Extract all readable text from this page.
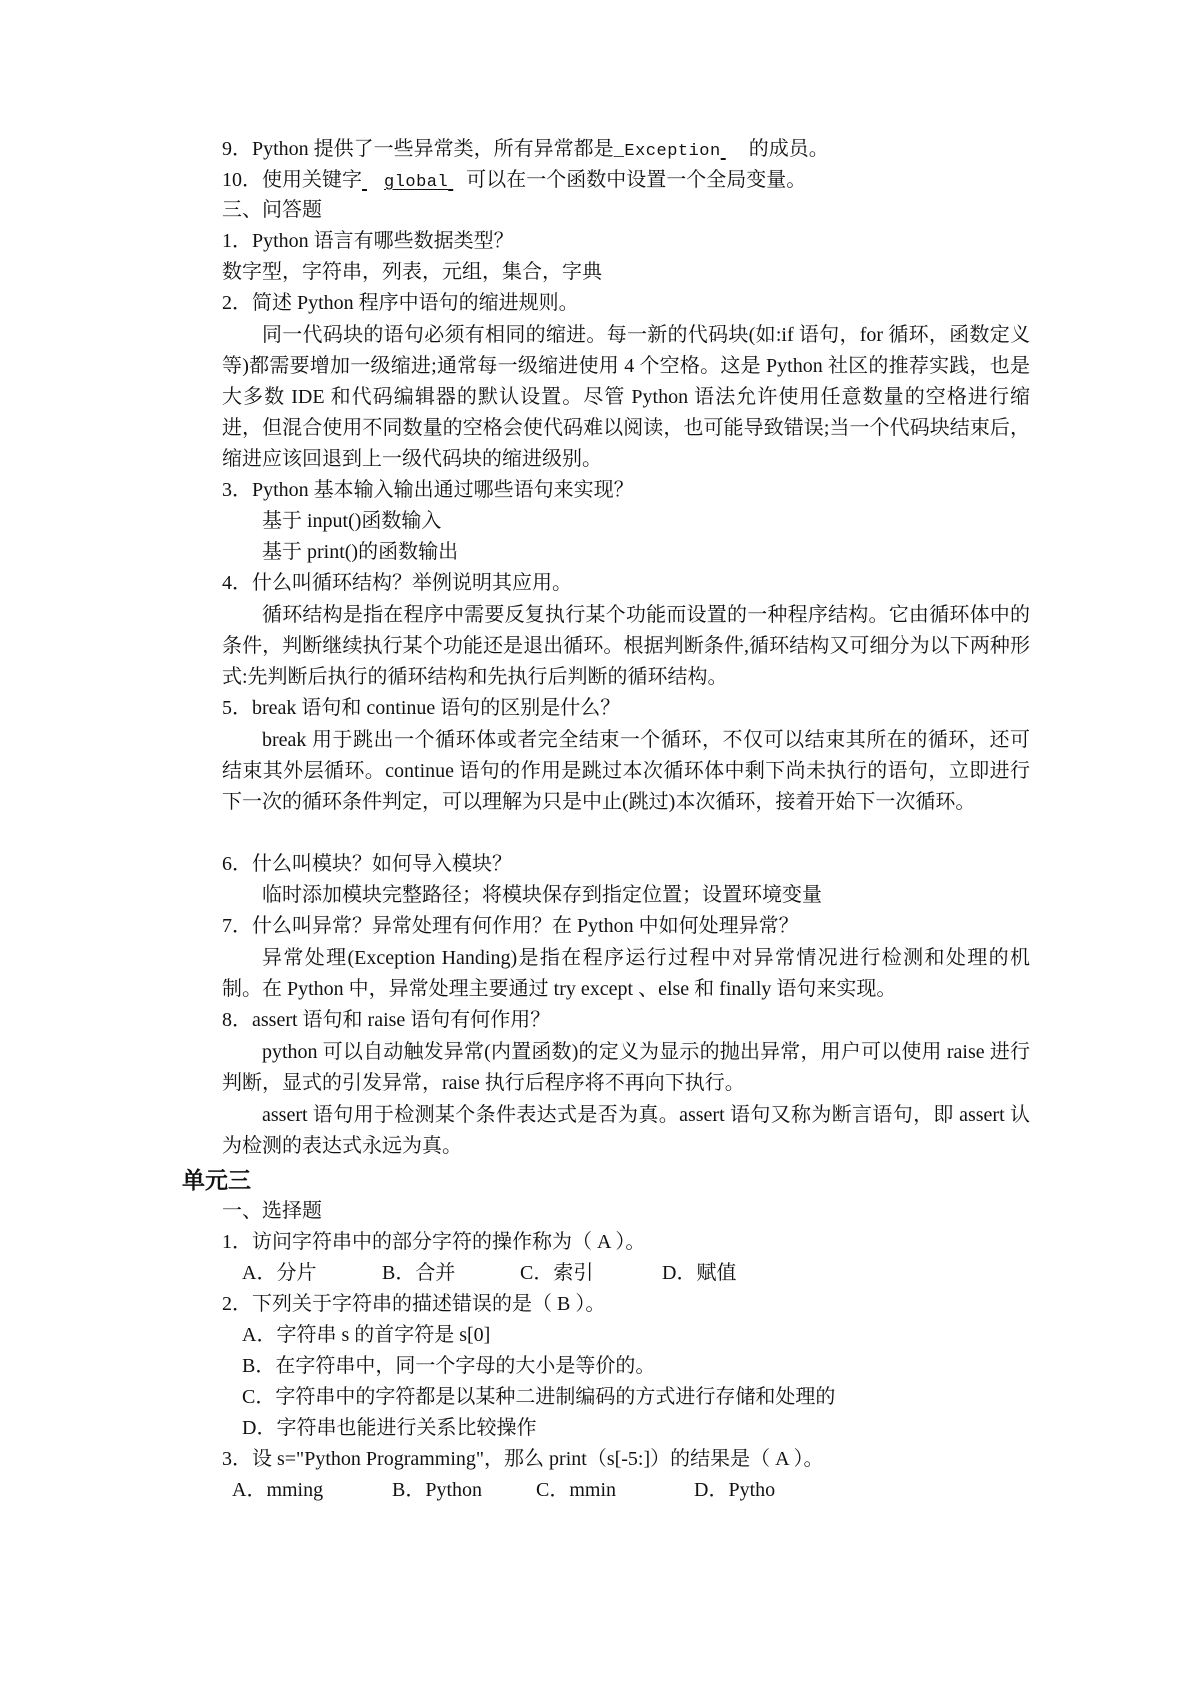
9．Python 提供了一些异常类，所有异常都是_Exception 的成员。
10．使用关键字 global 可以在一个函数中设置一个全局变量。
三、问答题
1．Python 语言有哪些数据类型？
数字型，字符串，列表，元组，集合，字典
2．简述 Python 程序中语句的缩进规则。
同一代码块的语句必须有相同的缩进。每一新的代码块(如:if 语句，for 循环，函数定义等)都需要增加一级缩进;通常每一级缩进使用 4 个空格。这是 Python 社区的推荐实践，也是大多数 IDE 和代码编辑器的默认设置。尽管 Python 语法允许使用任意数量的空格进行缩进，但混合使用不同数量的空格会使代码难以阅读，也可能导致错误;当一个代码块结束后，缩进应该回退到上一级代码块的缩进级别。
3．Python 基本输入输出通过哪些语句来实现？
基于 input()函数输入
基于 print()的函数输出
4．什么叫循环结构？举例说明其应用。
循环结构是指在程序中需要反复执行某个功能而设置的一种程序结构。它由循环体中的条件，判断继续执行某个功能还是退出循环。根据判断条件,循环结构又可细分为以下两种形式:先判断后执行的循环结构和先执行后判断的循环结构。
5．break 语句和 continue 语句的区别是什么？
break 用于跳出一个循环体或者完全结束一个循环，不仅可以结束其所在的循环，还可结束其外层循环。continue 语句的作用是跳过本次循环体中剩下尚未执行的语句，立即进行下一次的循环条件判定，可以理解为只是中止(跳过)本次循环，接着开始下一次循环。
6．什么叫模块？如何导入模块？
临时添加模块完整路径；将模块保存到指定位置；设置环境变量
7．什么叫异常？异常处理有何作用？在 Python 中如何处理异常？
异常处理(Exception Handing)是指在程序运行过程中对异常情况进行检测和处理的机制。在 Python 中，异常处理主要通过 try except 、else 和 finally 语句来实现。
8．assert 语句和 raise 语句有何作用？
python 可以自动触发异常(内置函数)的定义为显示的抛出异常，用户可以使用 raise 进行判断，显式的引发异常，raise 执行后程序将不再向下执行。
assert 语句用于检测某个条件表达式是否为真。assert 语句又称为断言语句，即 assert 认为检测的表达式永远为真。
单元三
一、选择题
1．访问字符串中的部分字符的操作称为（ A ）。
A．分片	B．合并	C．索引	D．赋值
2．下列关于字符串的描述错误的是（ B ）。
A．字符串 s 的首字符是 s[0]
B．在字符串中，同一个字母的大小是等价的。
C．字符串中的字符都是以某种二进制编码的方式进行存储和处理的
D．字符串也能进行关系比较操作
3．设 s="Python Programming"，那么 print（s[-5:]）的结果是（ A ）。
A．mming	B．Python	C．mmin	D．Pytho
